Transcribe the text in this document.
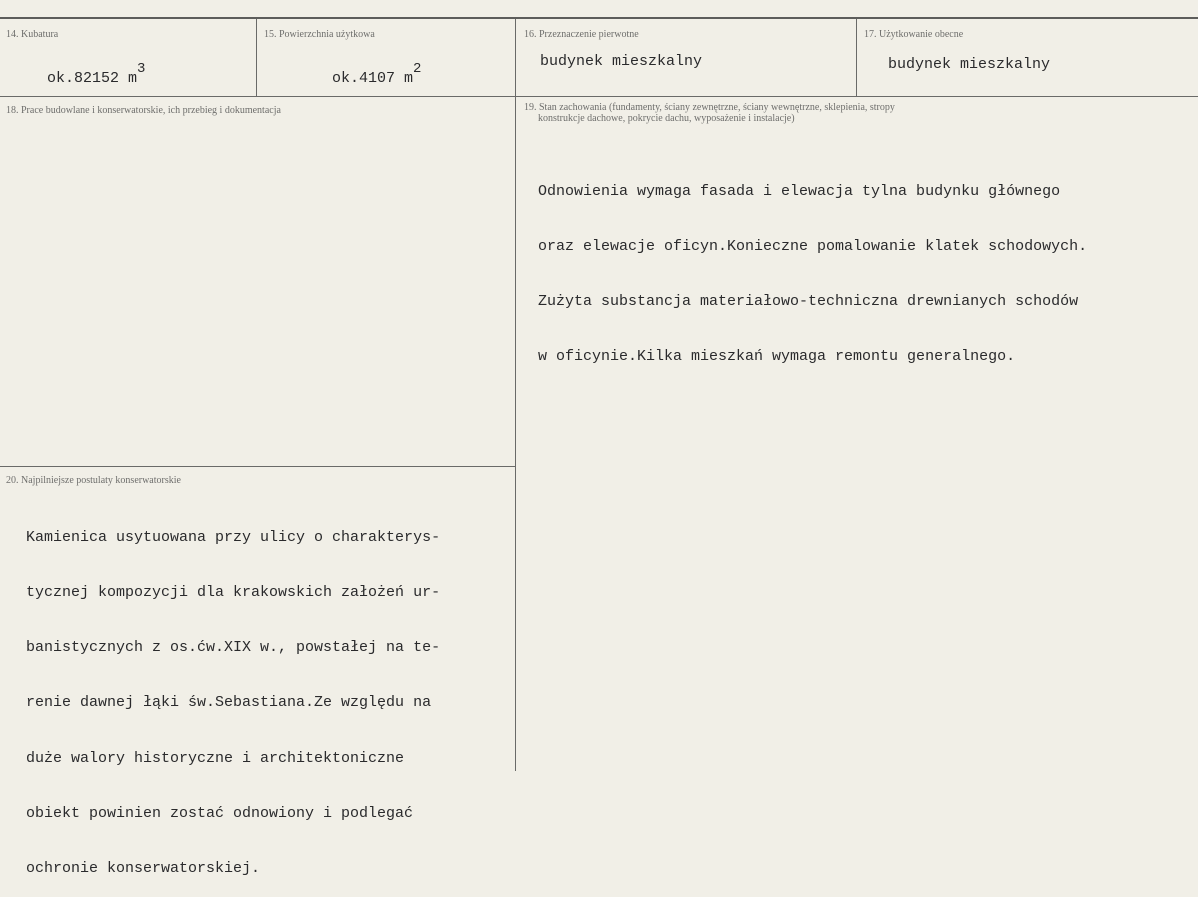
14. Kubatura

ok.82152 $m^3$

15. Powierzchnia użytkowa

ok.4107 $m^2$

16. Przeznaczenie pierwotne
budynek mieszkalny
17. Użytkowanie obecne
budynek mieszkalny
18. Prace budowlane i konserwatorskie, ich przebieg i dokumentacja	19. Stan zachowania (fundamenty, ściany zewnętrzne, ściany wewnętrzne, sklepienia, stropy
konstrukcje dachowe, pokrycie dachu, wyposażenie i instalacje)

Odnowienia wymaga fasada i elewacja tylna budynku głównego

oraz elewacje oficyn.Konieczne pomalowanie klatek schodowych.

Zużyta substancja materiałowo-techniczna drewnianych schodów

w oficynie.Kilka mieszkań wymaga remontu generalnego.

20. Najpilniejsze postulaty konserwatorskie

Kamienica usytuowana przy ulicy o charakterys-

tycznej kompozycji dla krakowskich założeń ur-

banistycznych z os.ćw.XIX w., powstałej na te-

renie dawnej łąki św.Sebastiana.Ze względu na

duże walory historyczne i architektoniczne

obiekt powinien zostać odnowiony i podlegać

ochronie konserwatorskiej.
